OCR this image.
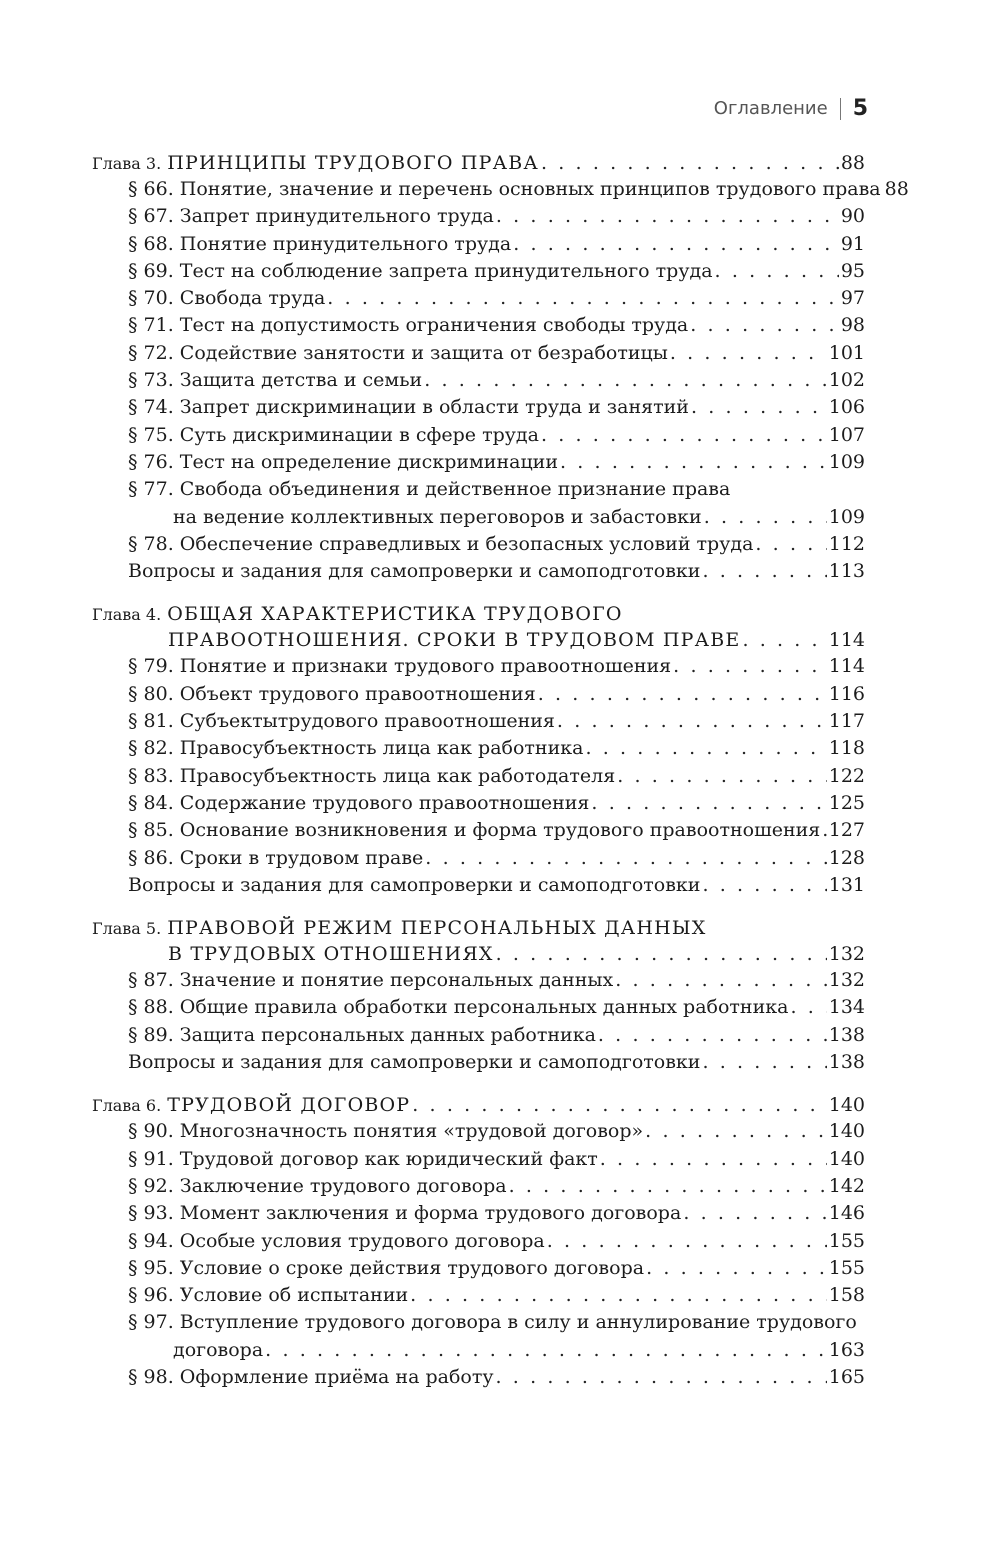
Оглавление 5
Глава 3. ПРИНЦИПЫ ТРУДОВОГО ПРАВА . . .	88
§ 66. Понятие, значение и перечень основных принципов трудового права 88
§ 67. Запрет принудительного труда . . .	90
§ 68. Понятие принудительного труда . . .	91
§ 69. Тест на соблюдение запрета принудительного труда . . .	95
§ 70. Свобода труда . . .	97
§ 71. Тест на допустимость ограничения свободы труда . . .	98
§ 72. Содействие занятости и защита от безработицы . . .	101
§ 73. Защита детства и семьи . . .	102
§ 74. Запрет дискриминации в области труда и занятий . . .	106
§ 75. Суть дискриминации в сфере труда . . .	107
§ 76. Тест на определение дискриминации . . .	109
§ 77. Свобода объединения и действенное признание права
на ведение коллективных переговоров и забастовки . . .	109
§ 78. Обеспечение справедливых и безопасных условий труда . . .	112
Вопросы и задания для самопроверки и самоподготовки . . .	113
Глава 4. ОБЩАЯ ХАРАКТЕРИСТИКА ТРУДОВОГО
ПРАВООТНОШЕНИЯ. СРОКИ В ТРУДОВОМ ПРАВЕ . . .	114
§ 79. Понятие и признаки трудового правоотношения . . .	114
§ 80. Объект трудового правоотношения . . .	116
§ 81. Субъектытрудового правоотношения . . .	117
§ 82. Правосубъектность лица как работника . . .	118
§ 83. Правосубъектность лица как работодателя . . .	122
§ 84. Содержание трудового правоотношения . . .	125
§ 85. Основание возникновения и форма трудового правоотношения . . . 127
§ 86. Сроки в трудовом праве . . .	128
Вопросы и задания для самопроверки и самоподготовки . . .	131
Глава 5. ПРАВОВОЙ РЕЖИМ ПЕРСОНАЛЬНЫХ ДАННЫХ
В ТРУДОВЫХ ОТНОШЕНИЯХ . . .	132
§ 87. Значение и понятие персональных данных . . .	132
§ 88. Общие правила обработки персональных данных работника . . . 134
§ 89. Защита персональных данных работника . . .	138
Вопросы и задания для самопроверки и самоподготовки . . .	138
Глава 6. ТРУДОВОЙ ДОГОВОР . . .	140
§ 90. Многозначность понятия «трудовой договор» . . .	140
§ 91. Трудовой договор как юридический факт . . .	140
§ 92. Заключение трудового договора . . .	142
§ 93. Момент заключения и форма трудового договора . . .	146
§ 94. Особые условия трудового договора . . .	155
§ 95. Условие о сроке действия трудового договора . . .	155
§ 96. Условие об испытании . . .	158
§ 97. Вступление трудового договора в силу и аннулирование трудового
договора . . .	163
§ 98. Оформление приёма на работу . . .	165
